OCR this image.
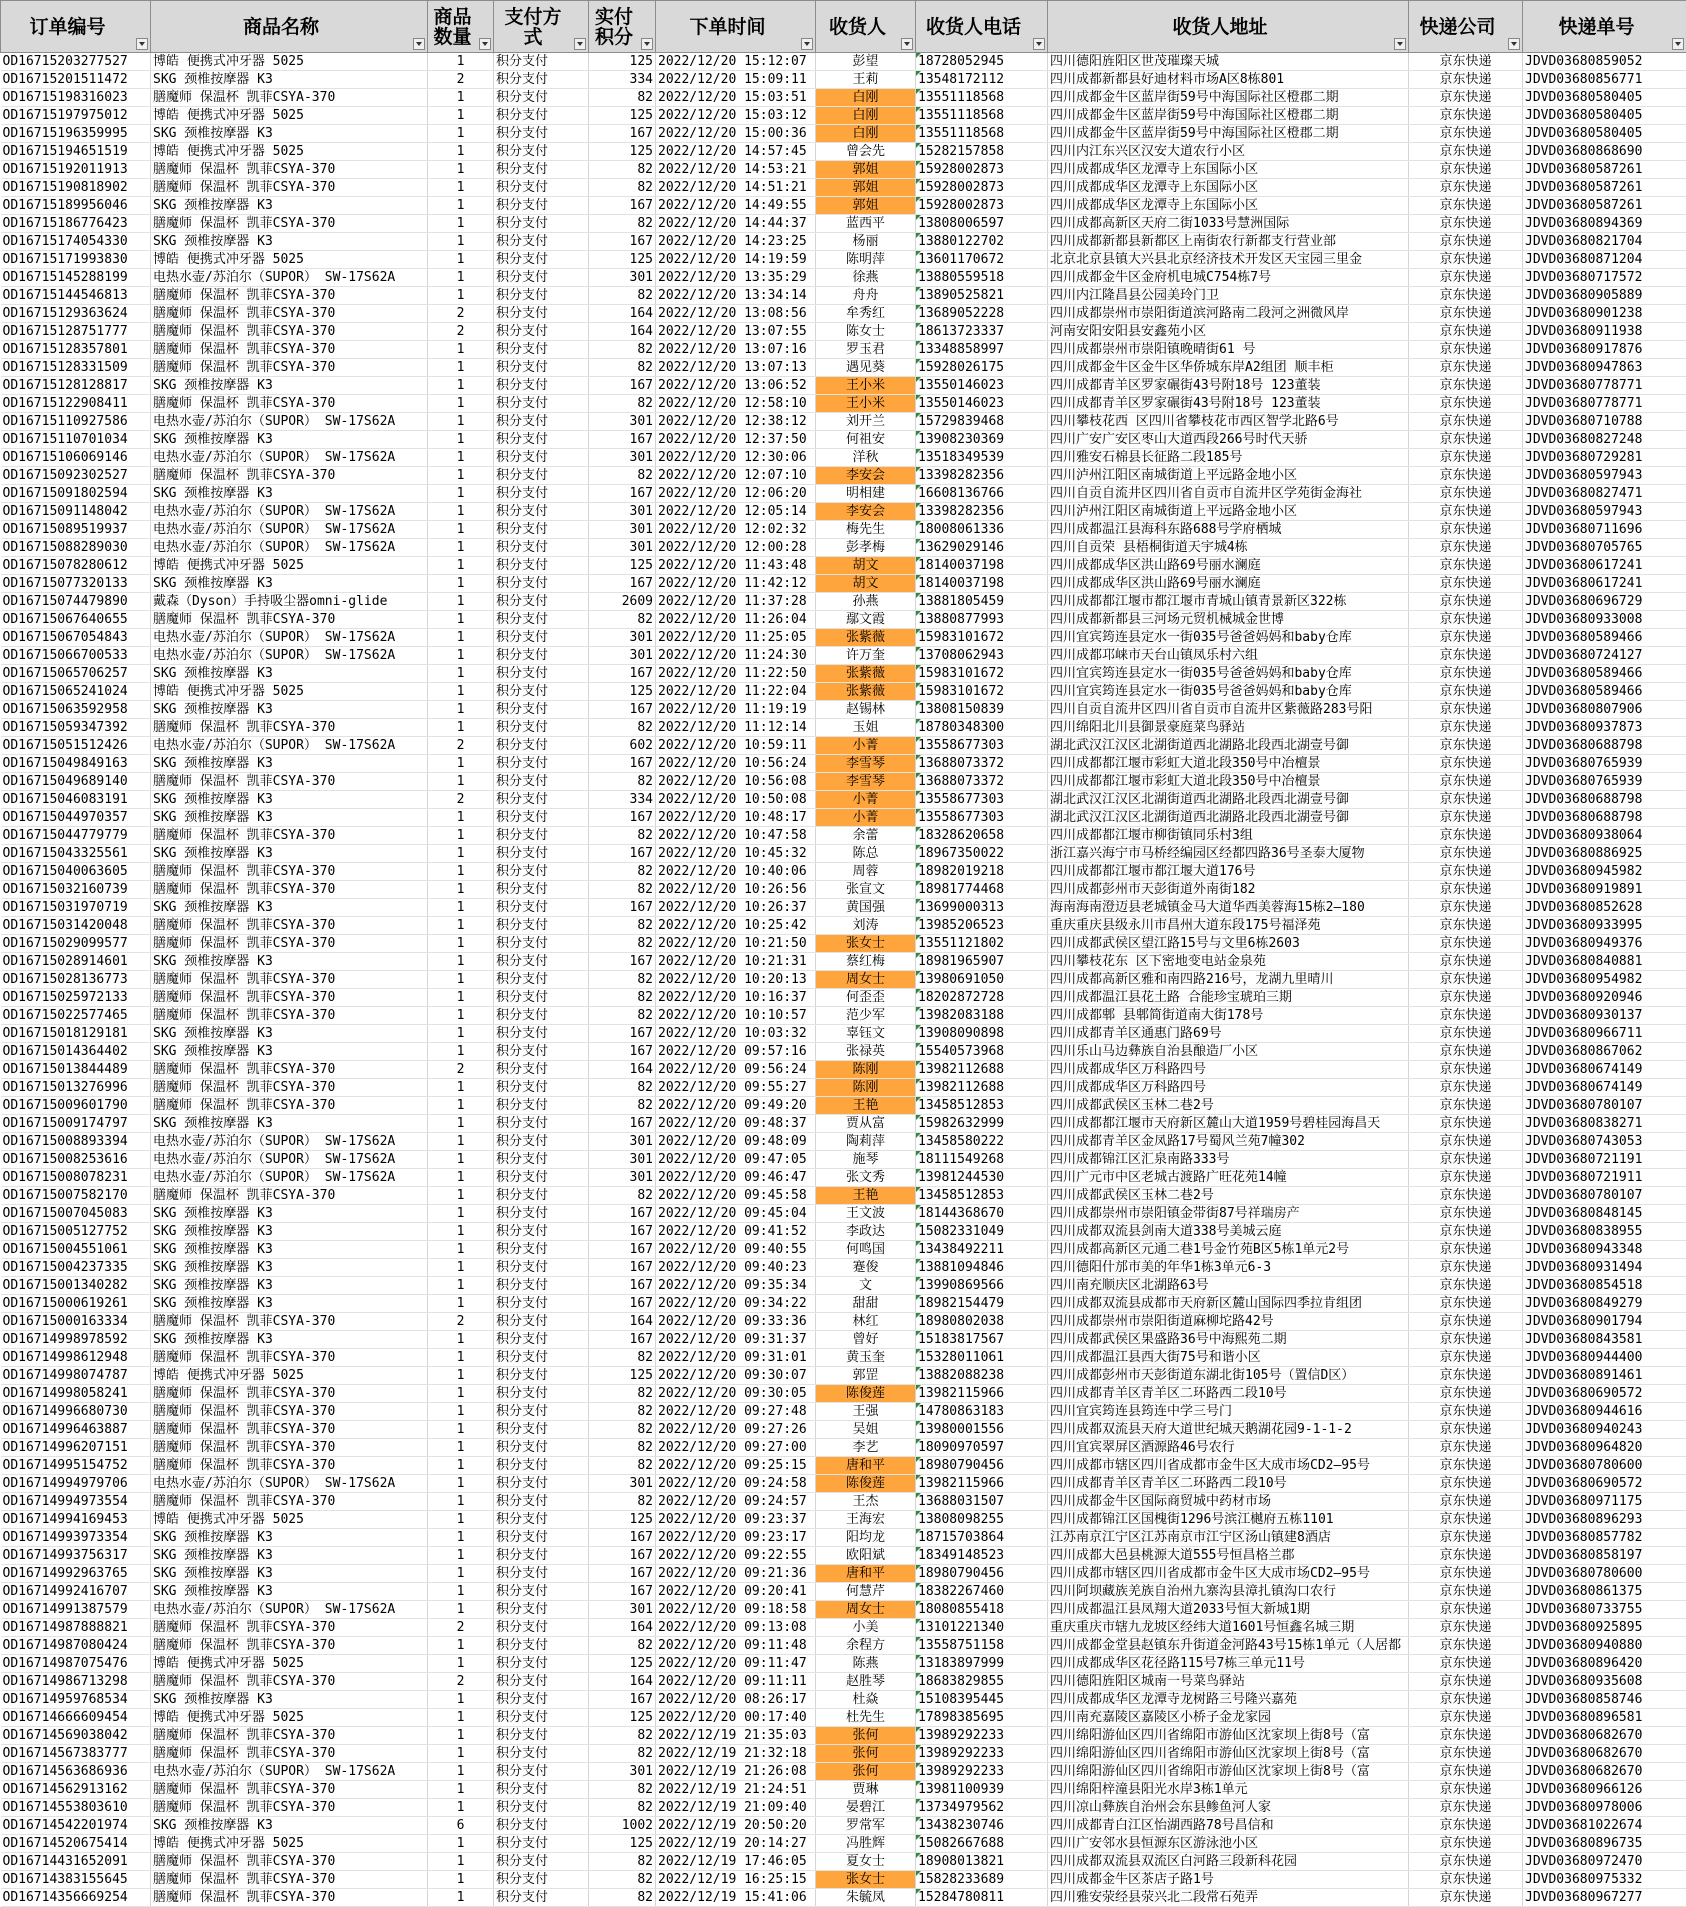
订单编号	商品名称	商品数量	支付方式	实付积分	下单时间	收货人	收货人电话	收货人地址	快递公司	快递单号

OD16715203277527	博皓 便携式冲牙器 5025	1	积分支付	125	2022/12/20 15:12:07	彭望	18728052945	四川德阳旌阳区世茂璀璨天城	京东快递	JDVD03680859052
OD16715201511472	SKG 颈椎按摩器 K3	2	积分支付	334	2022/12/20 15:09:11	王莉	13548172112	四川成都新都县好迪材料市场A区8栋801	京东快递	JDVD03680856771
OD16715198316023	膳魔师 保温杯 凯菲CSYA-370	1	积分支付	82	2022/12/20 15:03:51	白刚	13551118568	四川成都金牛区蓝岸街59号中海国际社区橙郡二期	京东快递	JDVD03680580405
OD16715197975012	博皓 便携式冲牙器 5025	1	积分支付	125	2022/12/20 15:03:12	白刚	13551118568	四川成都金牛区蓝岸街59号中海国际社区橙郡二期	京东快递	JDVD03680580405
OD16715196359995	SKG 颈椎按摩器 K3	1	积分支付	167	2022/12/20 15:00:36	白刚	13551118568	四川成都金牛区蓝岸街59号中海国际社区橙郡二期	京东快递	JDVD03680580405
OD16715194651519	博皓 便携式冲牙器 5025	1	积分支付	125	2022/12/20 14:57:45	曾会先	15282157858	四川内江东兴区汉安大道农行小区	京东快递	JDVD03680868690
OD16715192011913	膳魔师 保温杯 凯菲CSYA-370	1	积分支付	82	2022/12/20 14:53:21	郭姐	15928002873	四川成都成华区龙潭寺上东国际小区	京东快递	JDVD03680587261
OD16715190818902	膳魔师 保温杯 凯菲CSYA-370	1	积分支付	82	2022/12/20 14:51:21	郭姐	15928002873	四川成都成华区龙潭寺上东国际小区	京东快递	JDVD03680587261
OD16715189956046	SKG 颈椎按摩器 K3	1	积分支付	167	2022/12/20 14:49:55	郭姐	15928002873	四川成都成华区龙潭寺上东国际小区	京东快递	JDVD03680587261
OD16715186776423	膳魔师 保温杯 凯菲CSYA-370	1	积分支付	82	2022/12/20 14:44:37	蓝西平	13808006597	四川成都高新区天府二街1033号慧洲国际	京东快递	JDVD03680894369
OD16715174054330	SKG 颈椎按摩器 K3	1	积分支付	167	2022/12/20 14:23:25	杨丽	13880122702	四川成都新都县新都区上南街农行新都支行营业部	京东快递	JDVD03680821704
OD16715171993830	博皓 便携式冲牙器 5025	1	积分支付	125	2022/12/20 14:19:59	陈明萍	13601170672	北京北京县镇大兴县北京经济技术开发区天宝园三里金	京东快递	JDVD03680871204
OD16715145288199	电热水壶/苏泊尔（SUPOR） SW-17S62A	1	积分支付	301	2022/12/20 13:35:29	徐燕	13880559518	四川成都金牛区金府机电城C754栋7号	京东快递	JDVD03680717572
OD16715144546813	膳魔师 保温杯 凯菲CSYA-370	1	积分支付	82	2022/12/20 13:34:14	舟舟	13890525821	四川内江隆昌县公园美玲门卫	京东快递	JDVD03680905889
OD16715129363624	膳魔师 保温杯 凯菲CSYA-370	2	积分支付	164	2022/12/20 13:08:56	牟秀红	13689052228	四川成都崇州市崇阳街道滨河路南二段河之洲微风岸	京东快递	JDVD03680901238
OD16715128751777	膳魔师 保温杯 凯菲CSYA-370	2	积分支付	164	2022/12/20 13:07:55	陈女士	18613723337	河南安阳安阳县安鑫苑小区	京东快递	JDVD03680911938
OD16715128357801	膳魔师 保温杯 凯菲CSYA-370	1	积分支付	82	2022/12/20 13:07:16	罗玉君	13348858997	四川成都崇州市崇阳镇晚晴街61 号	京东快递	JDVD03680917876
OD16715128331509	膳魔师 保温杯 凯菲CSYA-370	1	积分支付	82	2022/12/20 13:07:13	遇见葵	15928026175	四川成都金牛区金牛区华侨城东岸A2组团 顺丰柜	京东快递	JDVD03680947863
OD16715128128817	SKG 颈椎按摩器 K3	1	积分支付	167	2022/12/20 13:06:52	王小米	13550146023	四川成都青羊区罗家碾街43号附18号 123董装	京东快递	JDVD03680778771
OD16715122908411	膳魔师 保温杯 凯菲CSYA-370	1	积分支付	82	2022/12/20 12:58:10	王小米	13550146023	四川成都青羊区罗家碾街43号附18号 123董装	京东快递	JDVD03680778771
OD16715110927586	电热水壶/苏泊尔（SUPOR） SW-17S62A	1	积分支付	301	2022/12/20 12:38:12	刘开兰	15729839468	四川攀枝花西 区四川省攀枝花市西区智学北路6号	京东快递	JDVD03680710788
OD16715110701034	SKG 颈椎按摩器 K3	1	积分支付	167	2022/12/20 12:37:50	何祖安	13908230369	四川广安广安区枣山大道西段266号时代天骄	京东快递	JDVD03680827248
OD16715106069146	电热水壶/苏泊尔（SUPOR） SW-17S62A	1	积分支付	301	2022/12/20 12:30:06	洋秋	13518349539	四川雅安石棉县长征路二段185号	京东快递	JDVD03680729281
OD16715092302527	膳魔师 保温杯 凯菲CSYA-370	1	积分支付	82	2022/12/20 12:07:10	李安会	13398282356	四川泸州江阳区南城街道上平远路金地小区	京东快递	JDVD03680597943
OD16715091802594	SKG 颈椎按摩器 K3	1	积分支付	167	2022/12/20 12:06:20	明相建	16608136766	四川自贡自流井区四川省自贡市自流井区学苑街金海社	京东快递	JDVD03680827471
OD16715091148042	电热水壶/苏泊尔（SUPOR） SW-17S62A	1	积分支付	301	2022/12/20 12:05:14	李安会	13398282356	四川泸州江阳区南城街道上平远路金地小区	京东快递	JDVD03680597943
OD16715089519937	电热水壶/苏泊尔（SUPOR） SW-17S62A	1	积分支付	301	2022/12/20 12:02:32	梅先生	18008061336	四川成都温江县海科东路688号学府栖城	京东快递	JDVD03680711696
OD16715088289030	电热水壶/苏泊尔（SUPOR） SW-17S62A	1	积分支付	301	2022/12/20 12:00:28	彭孝梅	13629029146	四川自贡荣 县梧桐街道天宇城4栋	京东快递	JDVD03680705765
OD16715078280612	博皓 便携式冲牙器 5025	1	积分支付	125	2022/12/20 11:43:48	胡文	18140037198	四川成都成华区洪山路69号丽水澜庭	京东快递	JDVD03680617241
OD16715077320133	SKG 颈椎按摩器 K3	1	积分支付	167	2022/12/20 11:42:12	胡文	18140037198	四川成都成华区洪山路69号丽水澜庭	京东快递	JDVD03680617241
OD16715074479890	戴森（Dyson）手持吸尘器omni-glide	1	积分支付	2609	2022/12/20 11:37:28	孙燕	13881805459	四川成都都江堰市都江堰市青城山镇青景新区322栋	京东快递	JDVD03680696729
OD16715067640655	膳魔师 保温杯 凯菲CSYA-370	1	积分支付	82	2022/12/20 11:26:04	鄢文霞	13880877993	四川成都新都县三河场元贸机械城金世博	京东快递	JDVD03680933008
OD16715067054843	电热水壶/苏泊尔（SUPOR） SW-17S62A	1	积分支付	301	2022/12/20 11:25:05	张紫薇	15983101672	四川宜宾筠连县定水一街035号爸爸妈妈和baby仓库	京东快递	JDVD03680589466
OD16715066700533	电热水壶/苏泊尔（SUPOR） SW-17S62A	1	积分支付	301	2022/12/20 11:24:30	许万奎	13708062943	四川成都邛崃市天台山镇凤乐村六组	京东快递	JDVD03680724127
OD16715065706257	SKG 颈椎按摩器 K3	1	积分支付	167	2022/12/20 11:22:50	张紫薇	15983101672	四川宜宾筠连县定水一街035号爸爸妈妈和baby仓库	京东快递	JDVD03680589466
OD16715065241024	博皓 便携式冲牙器 5025	1	积分支付	125	2022/12/20 11:22:04	张紫薇	15983101672	四川宜宾筠连县定水一街035号爸爸妈妈和baby仓库	京东快递	JDVD03680589466
OD16715063592958	SKG 颈椎按摩器 K3	1	积分支付	167	2022/12/20 11:19:19	赵锡林	13808150839	四川自贡自流井区四川省自贡市自流井区紫薇路283号阳	京东快递	JDVD03680807906
OD16715059347392	膳魔师 保温杯 凯菲CSYA-370	1	积分支付	82	2022/12/20 11:12:14	玉姐	18780348300	四川绵阳北川县御景豪庭菜鸟驿站	京东快递	JDVD03680937873
OD16715051512426	电热水壶/苏泊尔（SUPOR） SW-17S62A	2	积分支付	602	2022/12/20 10:59:11	小菁	13558677303	湖北武汉江汉区北湖街道西北湖路北段西北湖壹号御	京东快递	JDVD03680688798
OD16715049849163	SKG 颈椎按摩器 K3	1	积分支付	167	2022/12/20 10:56:24	李雪琴	13688073372	四川成都都江堰市彩虹大道北段350号中冶檀景	京东快递	JDVD03680765939
OD16715049689140	膳魔师 保温杯 凯菲CSYA-370	1	积分支付	82	2022/12/20 10:56:08	李雪琴	13688073372	四川成都都江堰市彩虹大道北段350号中冶檀景	京东快递	JDVD03680765939
OD16715046083191	SKG 颈椎按摩器 K3	2	积分支付	334	2022/12/20 10:50:08	小菁	13558677303	湖北武汉江汉区北湖街道西北湖路北段西北湖壹号御	京东快递	JDVD03680688798
OD16715044970357	SKG 颈椎按摩器 K3	1	积分支付	167	2022/12/20 10:48:17	小菁	13558677303	湖北武汉江汉区北湖街道西北湖路北段西北湖壹号御	京东快递	JDVD03680688798
OD16715044779779	膳魔师 保温杯 凯菲CSYA-370	1	积分支付	82	2022/12/20 10:47:58	余蕾	18328620658	四川成都都江堰市柳街镇同乐村3组	京东快递	JDVD03680938064
OD16715043325561	SKG 颈椎按摩器 K3	1	积分支付	167	2022/12/20 10:45:32	陈总	18967350022	浙江嘉兴海宁市马桥经编园区经都四路36号圣泰大厦物	京东快递	JDVD03680886925
OD16715040063605	膳魔师 保温杯 凯菲CSYA-370	1	积分支付	82	2022/12/20 10:40:06	周蓉	18982019218	四川成都都江堰市都江堰大道176号	京东快递	JDVD03680945982
OD16715032160739	膳魔师 保温杯 凯菲CSYA-370	1	积分支付	82	2022/12/20 10:26:56	张宣文	18981774468	四川成都彭州市天彭街道外南街182	京东快递	JDVD03680919891
OD16715031970719	SKG 颈椎按摩器 K3	1	积分支付	167	2022/12/20 10:26:37	黄国强	13699000313	海南海南澄迈县老城镇金马大道华西美蓉海15栋2—180	京东快递	JDVD03680852628
OD16715031420048	膳魔师 保温杯 凯菲CSYA-370	1	积分支付	82	2022/12/20 10:25:42	刘涛	13985206523	重庆重庆县级永川市昌州大道东段175号福泽苑	京东快递	JDVD03680933995
OD16715029099577	膳魔师 保温杯 凯菲CSYA-370	1	积分支付	82	2022/12/20 10:21:50	张女士	13551121802	四川成都武侯区望江路15号与文里6栋2603	京东快递	JDVD03680949376
OD16715028914601	SKG 颈椎按摩器 K3	1	积分支付	167	2022/12/20 10:21:31	蔡红梅	18981965907	四川攀枝花东 区下密地变电站金泉苑	京东快递	JDVD03680840881
OD16715028136773	膳魔师 保温杯 凯菲CSYA-370	1	积分支付	82	2022/12/20 10:20:13	周女士	13980691050	四川成都高新区雅和南四路216号，龙湖九里晴川	京东快递	JDVD03680954982
OD16715025972133	膳魔师 保温杯 凯菲CSYA-370	1	积分支付	82	2022/12/20 10:16:37	何歪歪	18202872728	四川成都温江县花土路 合能珍宝琥珀三期	京东快递	JDVD03680920946
OD16715022577465	膳魔师 保温杯 凯菲CSYA-370	1	积分支付	82	2022/12/20 10:10:57	范少军	13982083188	四川成都郫 县郫简街道南大街178号	京东快递	JDVD03680930137
OD16715018129181	SKG 颈椎按摩器 K3	1	积分支付	167	2022/12/20 10:03:32	辜钰文	13908090898	四川成都青羊区通惠门路69号	京东快递	JDVD03680966711
OD16715014364402	SKG 颈椎按摩器 K3	1	积分支付	167	2022/12/20 09:57:16	张禄英	15540573968	四川乐山马边彝族自治县酿造厂小区	京东快递	JDVD03680867062
OD16715013844489	膳魔师 保温杯 凯菲CSYA-370	2	积分支付	164	2022/12/20 09:56:24	陈刚	13982112688	四川成都成华区万科路四号	京东快递	JDVD03680674149
OD16715013276996	膳魔师 保温杯 凯菲CSYA-370	1	积分支付	82	2022/12/20 09:55:27	陈刚	13982112688	四川成都成华区万科路四号	京东快递	JDVD03680674149
OD16715009601790	膳魔师 保温杯 凯菲CSYA-370	1	积分支付	82	2022/12/20 09:49:20	王艳	13458512853	四川成都武侯区玉林二巷2号	京东快递	JDVD03680780107
OD16715009174797	SKG 颈椎按摩器 K3	1	积分支付	167	2022/12/20 09:48:37	贾从富	15982632999	四川成都都江堰市天府新区麓山大道1959号碧桂园海昌天	京东快递	JDVD03680838271
OD16715008893394	电热水壶/苏泊尔（SUPOR） SW-17S62A	1	积分支付	301	2022/12/20 09:48:09	陶莉萍	13458580222	四川成都青羊区金凤路17号蜀风兰苑7幢302	京东快递	JDVD03680743053
OD16715008253616	电热水壶/苏泊尔（SUPOR） SW-17S62A	1	积分支付	301	2022/12/20 09:47:05	施琴	18111549268	四川成都锦江区汇泉南路333号	京东快递	JDVD03680721191
OD16715008078231	电热水壶/苏泊尔（SUPOR） SW-17S62A	1	积分支付	301	2022/12/20 09:46:47	张文秀	13981244530	四川广元市中区老城古渡路广旺花苑14幢	京东快递	JDVD03680721911
OD16715007582170	膳魔师 保温杯 凯菲CSYA-370	1	积分支付	82	2022/12/20 09:45:58	王艳	13458512853	四川成都武侯区玉林二巷2号	京东快递	JDVD03680780107
OD16715007045083	SKG 颈椎按摩器 K3	1	积分支付	167	2022/12/20 09:45:04	王文波	18144368670	四川成都崇州市崇阳镇金带街87号祥瑞房产	京东快递	JDVD03680848145
OD16715005127752	SKG 颈椎按摩器 K3	1	积分支付	167	2022/12/20 09:41:52	李政达	15082331049	四川成都双流县剑南大道338号美城云庭	京东快递	JDVD03680838955
OD16715004551061	SKG 颈椎按摩器 K3	1	积分支付	167	2022/12/20 09:40:55	何鸣国	13438492211	四川成都高新区元通二巷1号金竹苑B区5栋1单元2号	京东快递	JDVD03680943348
OD16715004237335	SKG 颈椎按摩器 K3	1	积分支付	167	2022/12/20 09:40:23	蹇俊	13881094846	四川德阳什邡市美的年华1栋3单元6-3	京东快递	JDVD03680931494
OD16715001340282	SKG 颈椎按摩器 K3	1	积分支付	167	2022/12/20 09:35:34	文	13990869566	四川南充顺庆区北湖路63号	京东快递	JDVD03680854518
OD16715000619261	SKG 颈椎按摩器 K3	1	积分支付	167	2022/12/20 09:34:22	甜甜	18982154479	四川成都双流县成都市天府新区麓山国际四季拉肯组团	京东快递	JDVD03680849279
OD16715000163334	膳魔师 保温杯 凯菲CSYA-370	2	积分支付	164	2022/12/20 09:33:36	林红	18980802038	四川成都崇州市崇阳街道麻柳坨路42号	京东快递	JDVD03680901794
OD16714998978592	SKG 颈椎按摩器 K3	1	积分支付	167	2022/12/20 09:31:37	曾好	15183817567	四川成都武侯区果盛路36号中海熙苑二期	京东快递	JDVD03680843581
OD16714998612948	膳魔师 保温杯 凯菲CSYA-370	1	积分支付	82	2022/12/20 09:31:01	黄玉奎	15328011061	四川成都温江县西大街75号和谐小区	京东快递	JDVD03680944400
OD16714998074787	博皓 便携式冲牙器 5025	1	积分支付	125	2022/12/20 09:30:07	郭罡	13882088238	四川成都彭州市天彭街道东湖北街105号（置信D区）	京东快递	JDVD03680891461
OD16714998058241	膳魔师 保温杯 凯菲CSYA-370	1	积分支付	82	2022/12/20 09:30:05	陈俊莲	13982115966	四川成都青羊区青羊区二环路西二段10号	京东快递	JDVD03680690572
OD16714996680730	膳魔师 保温杯 凯菲CSYA-370	1	积分支付	82	2022/12/20 09:27:48	王强	14780863183	四川宜宾筠连县筠连中学三号门	京东快递	JDVD03680944616
OD16714996463887	膳魔师 保温杯 凯菲CSYA-370	1	积分支付	82	2022/12/20 09:27:26	吴姐	13980001556	四川成都双流县天府大道世纪城天鹅湖花园9-1-1-2	京东快递	JDVD03680940243
OD16714996207151	膳魔师 保温杯 凯菲CSYA-370	1	积分支付	82	2022/12/20 09:27:00	李艺	18090970597	四川宜宾翠屏区酒源路46号农行	京东快递	JDVD03680964820
OD16714995154752	膳魔师 保温杯 凯菲CSYA-370	1	积分支付	82	2022/12/20 09:25:15	唐和平	18980790456	四川成都市辖区四川省成都市金牛区大成市场CD2—95号	京东快递	JDVD03680780600
OD16714994979706	电热水壶/苏泊尔（SUPOR） SW-17S62A	1	积分支付	301	2022/12/20 09:24:58	陈俊莲	13982115966	四川成都青羊区青羊区二环路西二段10号	京东快递	JDVD03680690572
OD16714994973554	膳魔师 保温杯 凯菲CSYA-370	1	积分支付	82	2022/12/20 09:24:57	王杰	13688031507	四川成都金牛区国际商贸城中药材市场	京东快递	JDVD03680971175
OD16714994169453	博皓 便携式冲牙器 5025	1	积分支付	125	2022/12/20 09:23:37	王海宏	13808098255	四川成都锦江区国槐街1296号滨江樾府五栋1101	京东快递	JDVD03680896293
OD16714993973354	SKG 颈椎按摩器 K3	1	积分支付	167	2022/12/20 09:23:17	阳均龙	18715703864	江苏南京江宁区江苏南京市江宁区汤山镇建8酒店	京东快递	JDVD03680857782
OD16714993756317	SKG 颈椎按摩器 K3	1	积分支付	167	2022/12/20 09:22:55	欧阳斌	18349148523	四川成都大邑县桃源大道555号恒昌格兰郡	京东快递	JDVD03680858197
OD16714992963765	SKG 颈椎按摩器 K3	1	积分支付	167	2022/12/20 09:21:36	唐和平	18980790456	四川成都市辖区四川省成都市金牛区大成市场CD2—95号	京东快递	JDVD03680780600
OD16714992416707	SKG 颈椎按摩器 K3	1	积分支付	167	2022/12/20 09:20:41	何慧芹	18382267460	四川阿坝藏族羌族自治州九寨沟县漳扎镇沟口农行	京东快递	JDVD03680861375
OD16714991387579	电热水壶/苏泊尔（SUPOR） SW-17S62A	1	积分支付	301	2022/12/20 09:18:58	周女士	18080855418	四川成都温江县凤翔大道2033号恒大新城1期	京东快递	JDVD03680733755
OD16714987888821	膳魔师 保温杯 凯菲CSYA-370	2	积分支付	164	2022/12/20 09:13:08	小美	13101221340	重庆重庆市辖九龙坡区经纬大道1601号恒鑫名城三期	京东快递	JDVD03680925895
OD16714987080424	膳魔师 保温杯 凯菲CSYA-370	1	积分支付	82	2022/12/20 09:11:48	余程方	13558751158	四川成都金堂县赵镇东升街道金河路43号15栋1单元（人居都	京东快递	JDVD03680940880
OD16714987075476	博皓 便携式冲牙器 5025	1	积分支付	125	2022/12/20 09:11:47	陈燕	13183897999	四川成都成华区花径路115号7栋三单元11号	京东快递	JDVD03680896420
OD16714986713298	膳魔师 保温杯 凯菲CSYA-370	2	积分支付	164	2022/12/20 09:11:11	赵胜琴	18683829855	四川德阳旌阳区城南一号菜鸟驿站	京东快递	JDVD03680935608
OD16714959768534	SKG 颈椎按摩器 K3	1	积分支付	167	2022/12/20 08:26:17	杜焱	15108395445	四川成都成华区龙潭寺龙树路三号隆兴嘉苑	京东快递	JDVD03680858746
OD16714666609454	博皓 便携式冲牙器 5025	1	积分支付	125	2022/12/20 00:17:40	杜先生	17898385695	四川南充嘉陵区嘉陵区小桥子金龙家园	京东快递	JDVD03680896581
OD16714569038042	膳魔师 保温杯 凯菲CSYA-370	1	积分支付	82	2022/12/19 21:35:03	张何	13989292233	四川绵阳游仙区四川省绵阳市游仙区沈家坝上街8号（富	京东快递	JDVD03680682670
OD16714567383777	膳魔师 保温杯 凯菲CSYA-370	1	积分支付	82	2022/12/19 21:32:18	张何	13989292233	四川绵阳游仙区四川省绵阳市游仙区沈家坝上街8号（富	京东快递	JDVD03680682670
OD16714563686936	电热水壶/苏泊尔（SUPOR） SW-17S62A	1	积分支付	301	2022/12/19 21:26:08	张何	13989292233	四川绵阳游仙区四川省绵阳市游仙区沈家坝上街8号（富	京东快递	JDVD03680682670
OD16714562913162	膳魔师 保温杯 凯菲CSYA-370	1	积分支付	82	2022/12/19 21:24:51	贾琳	13981100939	四川绵阳梓潼县阳光水岸3栋1单元	京东快递	JDVD03680966126
OD16714553803610	膳魔师 保温杯 凯菲CSYA-370	1	积分支付	82	2022/12/19 21:09:40	晏碧江	13734979562	四川凉山彝族自治州会东县鲹鱼河人家	京东快递	JDVD03680978006
OD16714542201974	SKG 颈椎按摩器 K3	6	积分支付	1002	2022/12/19 20:50:20	罗常军	13438230746	四川成都青白江区怡湖西路78号昌信和	京东快递	JDVD03681022674
OD16714520675414	博皓 便携式冲牙器 5025	1	积分支付	125	2022/12/19 20:14:27	冯胜辉	15082667688	四川广安邻水县恒源东区游泳池小区	京东快递	JDVD03680896735
OD16714431652091	膳魔师 保温杯 凯菲CSYA-370	1	积分支付	82	2022/12/19 17:46:05	夏女士	18908013821	四川成都双流县双流区白河路三段新科花园	京东快递	JDVD03680972470
OD16714383155645	膳魔师 保温杯 凯菲CSYA-370	1	积分支付	82	2022/12/19 16:25:15	张女士	15828233689	四川成都金牛区茶店子路1号	京东快递	JDVD03680975332
OD16714356669254	膳魔师 保温杯 凯菲CSYA-370	1	积分支付	82	2022/12/19 15:41:06	朱毓凤	15284780811	四川雅安荥经县荥兴北二段常石苑弄	京东快递	JDVD03680967277
